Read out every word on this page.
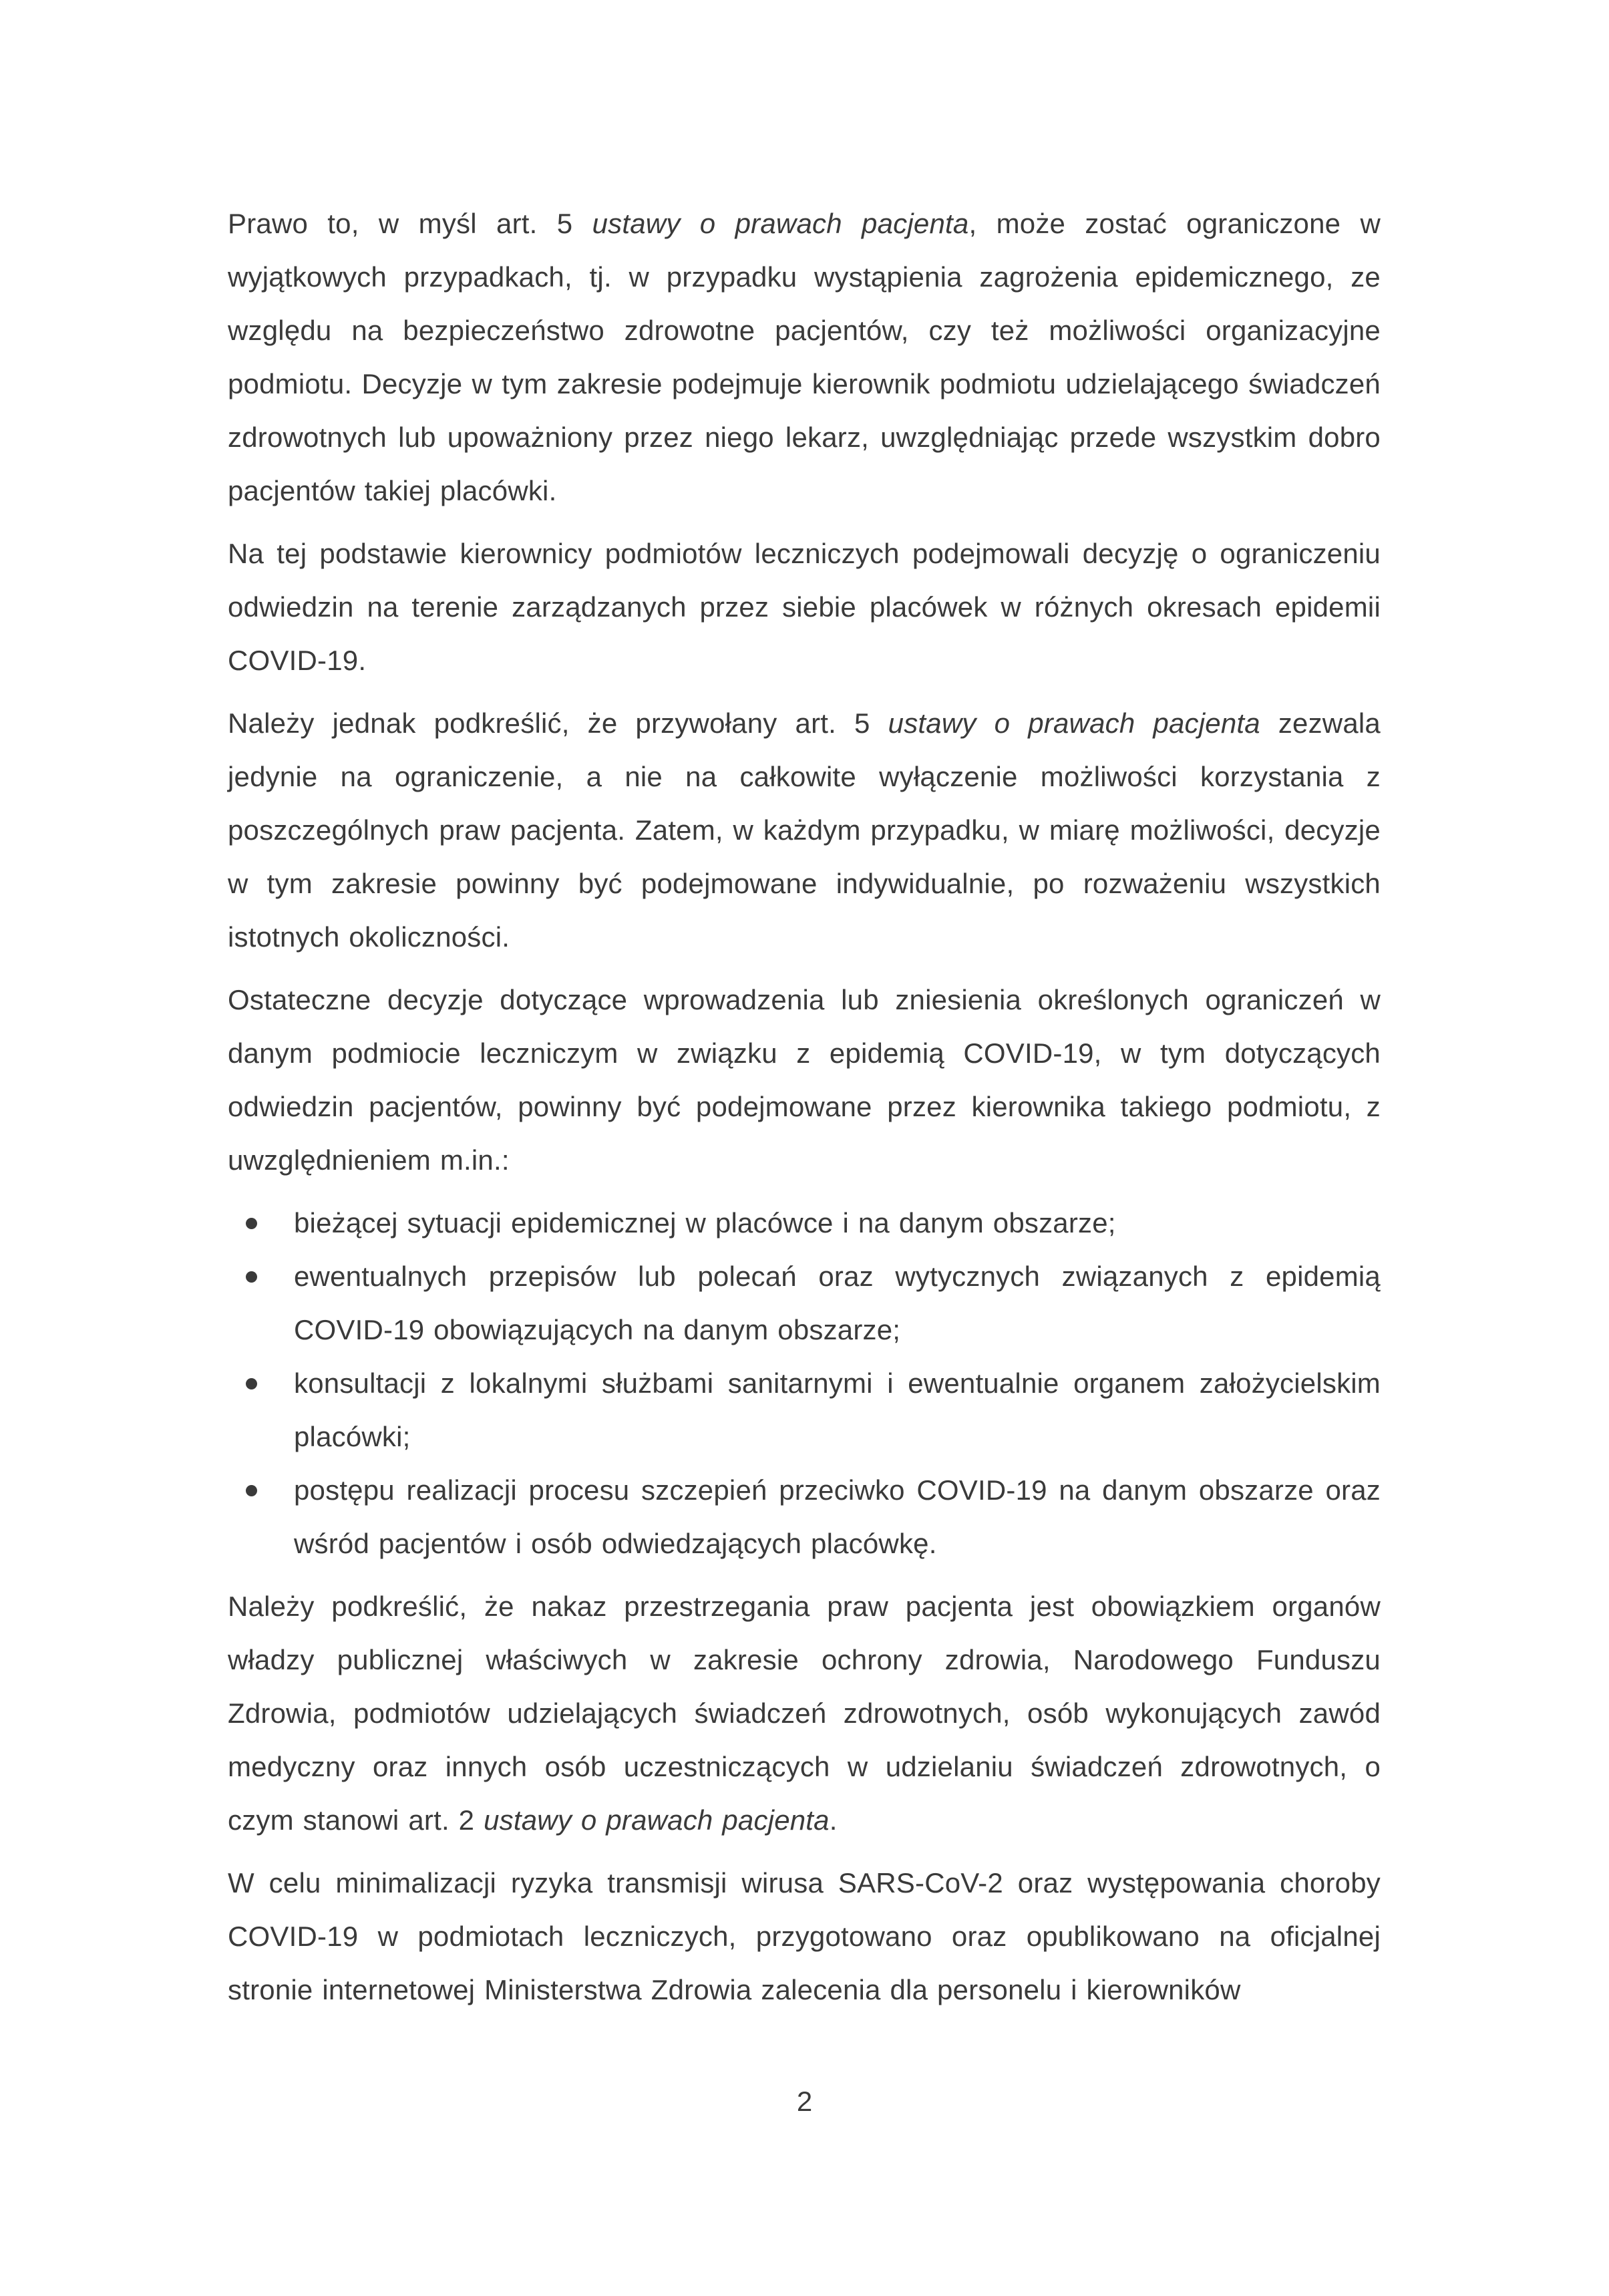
Prawo to, w myśl art. 5 ustawy o prawach pacjenta, może zostać ograniczone w wyjątkowych przypadkach, tj. w przypadku wystąpienia zagrożenia epidemicznego, ze względu na bezpieczeństwo zdrowotne pacjentów, czy też możliwości organizacyjne podmiotu. Decyzje w tym zakresie podejmuje kierownik podmiotu udzielającego świadczeń zdrowotnych lub upoważniony przez niego lekarz, uwzględniając przede wszystkim dobro pacjentów takiej placówki.
Na tej podstawie kierownicy podmiotów leczniczych podejmowali decyzję o ograniczeniu odwiedzin na terenie zarządzanych przez siebie placówek w różnych okresach epidemii COVID-19.
Należy jednak podkreślić, że przywołany art. 5 ustawy o prawach pacjenta zezwala jedynie na ograniczenie, a nie na całkowite wyłączenie możliwości korzystania z poszczególnych praw pacjenta. Zatem, w każdym przypadku, w miarę możliwości, decyzje w tym zakresie powinny być podejmowane indywidualnie, po rozważeniu wszystkich istotnych okoliczności.
Ostateczne decyzje dotyczące wprowadzenia lub zniesienia określonych ograniczeń w danym podmiocie leczniczym w związku z epidemią COVID-19, w tym dotyczących odwiedzin pacjentów, powinny być podejmowane przez kierownika takiego podmiotu, z uwzględnieniem m.in.:
bieżącej sytuacji epidemicznej w placówce i na danym obszarze;
ewentualnych przepisów lub polecań oraz wytycznych związanych z epidemią COVID-19 obowiązujących na danym obszarze;
konsultacji z lokalnymi służbami sanitarnymi i ewentualnie organem założycielskim placówki;
postępu realizacji procesu szczepień przeciwko COVID-19 na danym obszarze oraz wśród pacjentów i osób odwiedzających placówkę.
Należy podkreślić, że nakaz przestrzegania praw pacjenta jest obowiązkiem organów władzy publicznej właściwych w zakresie ochrony zdrowia, Narodowego Funduszu Zdrowia, podmiotów udzielających świadczeń zdrowotnych, osób wykonujących zawód medyczny oraz innych osób uczestniczących w udzielaniu świadczeń zdrowotnych, o czym stanowi art. 2 ustawy o prawach pacjenta.
W celu minimalizacji ryzyka transmisji wirusa SARS-CoV-2 oraz występowania choroby COVID-19 w podmiotach leczniczych, przygotowano oraz opublikowano na oficjalnej stronie internetowej Ministerstwa Zdrowia zalecenia dla personelu i kierowników
2
